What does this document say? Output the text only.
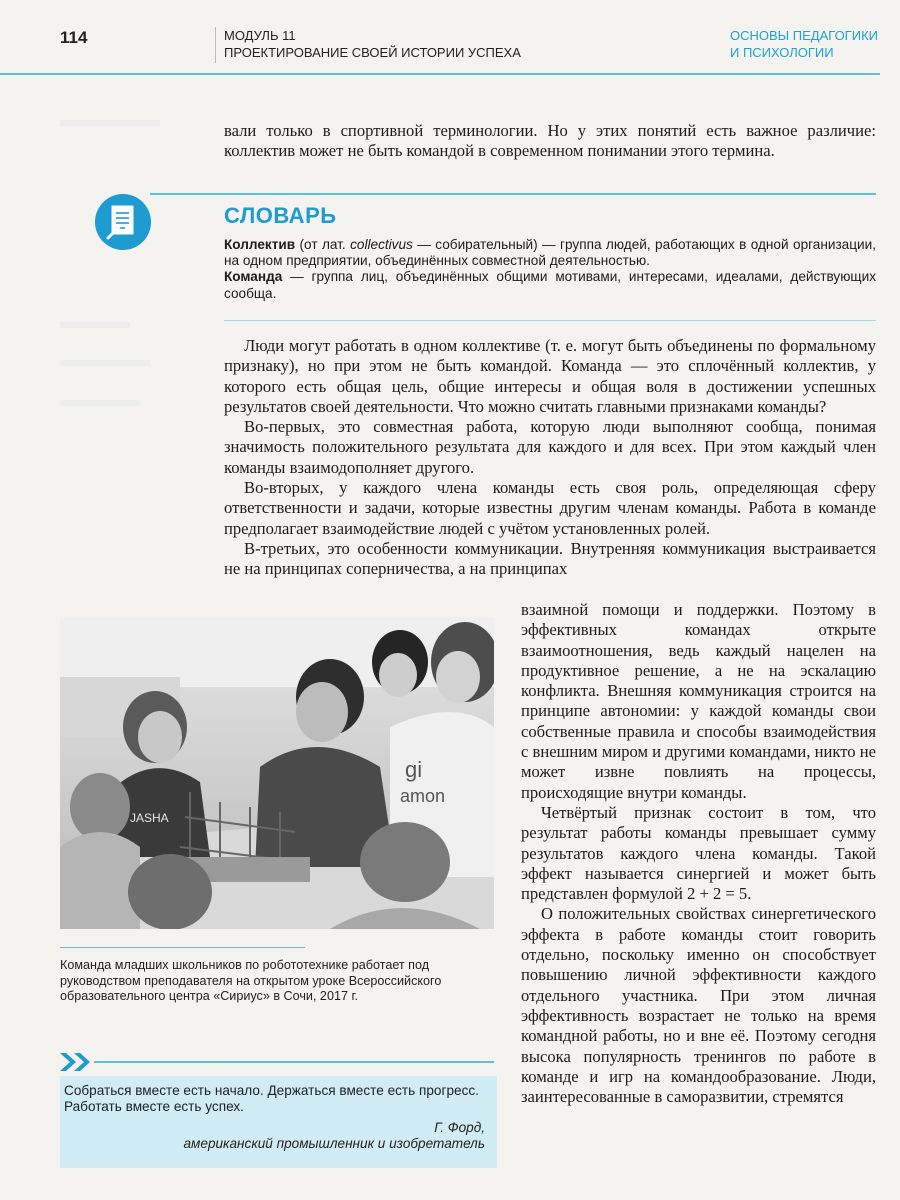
114	МОДУЛЬ 11
ПРОЕКТИРОВАНИЕ СВОЕЙ ИСТОРИИ УСПЕХА
ОСНОВЫ ПЕДАГОГИКИ
И ПСИХОЛОГИИ

вали только в спортивной терминологии. Но у этих понятий есть важное различие: коллектив может не быть командой в современном понимании этого термина.

СЛОВАРЬ

Коллектив (от лат. collectivus — собирательный) — группа людей, работающих в одной организации, на одном предприятии, объединённых совместной деятельностью.

Команда — группа лиц, объединённых общими мотивами, интересами, идеалами, действующих сообща.

Люди могут работать в одном коллективе (т. е. могут быть объединены по формальному признаку), но при этом не быть командой. Команда — это сплочённый коллектив, у которого есть общая цель, общие интересы и общая воля в достижении успешных результатов своей деятельности. Что можно считать главными признаками команды?

Во-первых, это совместная работа, которую люди выполняют сообща, понимая значимость положительного результата для каждого и для всех. При этом каждый член команды взаимодополняет другого.

Во-вторых, у каждого члена команды есть своя роль, определяющая сферу ответственности и задачи, которые известны другим членам команды. Работа в команде предполагает взаимодействие людей с учётом установленных ролей.

В-третьих, это особенности коммуникации. Внутренняя коммуникация выстраивается не на принципах соперничества, а на принципах

взаимной помощи и поддержки. Поэтому в эффективных командах открыте взаимоотношения, ведь каждый нацелен на продуктивное решение, а не на эскалацию конфликта. Внешняя коммуникация строится на принципе автономии: у каждой команды свои собственные правила и способы взаимодействия с внешним миром и другими командами, никто не может извне повлиять на процессы, происходящие внутри команды.

Четвёртый признак состоит в том, что результат работы команды превышает сумму результатов каждого члена команды. Такой эффект называется синергией и может быть представлен формулой 2 + 2 = 5.

О положительных свойствах синергетического эффекта в работе команды стоит говорить отдельно, поскольку именно он способствует повышению личной эффективности каждого отдельного участника. При этом личная эффективность возрастает не только на время командной работы, но и вне её. Поэтому сегодня высока популярность тренингов по работе в команде и игр на командообразование. Люди, заинтересованные в саморазвитии, стремятся

JASHA
gi
amon
Команда младших школьников по робототехнике работает под руководством преподавателя на открытом уроке Всероссийского образовательного центра «Сириус» в Сочи, 2017 г.
Собраться вместе есть начало. Держаться вместе есть прогресс. Работать вместе есть успех.
Г. Форд,
американский промышленник и изобретатель
